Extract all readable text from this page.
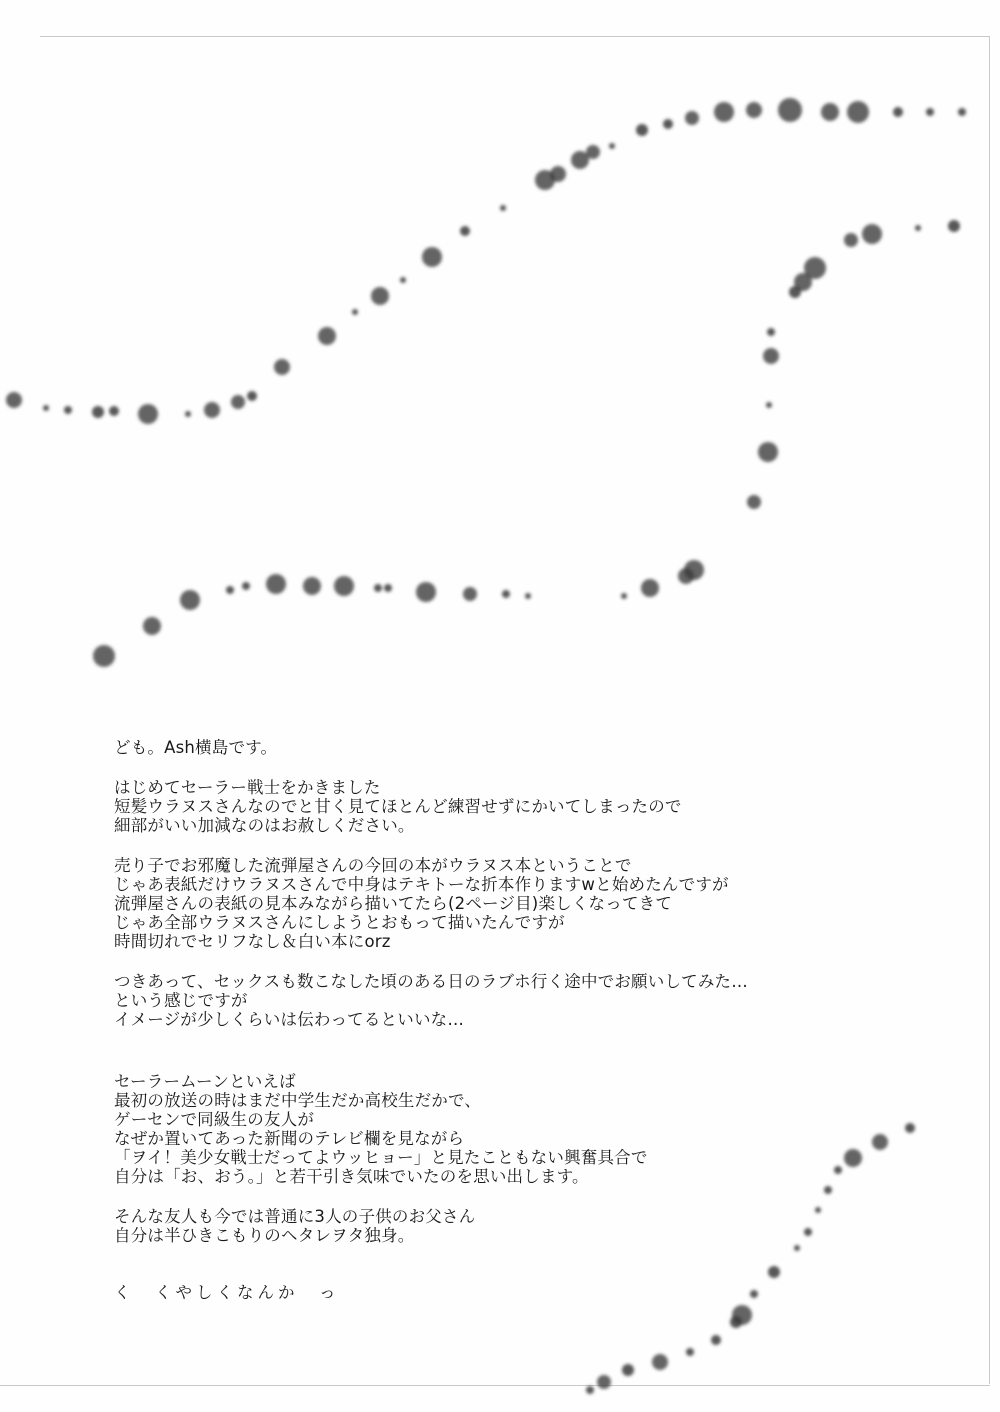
ども。Ash横島です。

はじめてセーラー戦士をかきました
短髪ウラヌスさんなのでと甘く見てほとんど練習せずにかいてしまったので
細部がいい加減なのはお赦しください。

売り子でお邪魔した流弾屋さんの今回の本がウラヌス本ということで
じゃあ表紙だけウラヌスさんで中身はテキトーな折本作りますwと始めたんですが
流弾屋さんの表紙の見本みながら描いてたら(2ページ目)楽しくなってきて
じゃあ全部ウラヌスさんにしようとおもって描いたんですが
時間切れでセリフなし＆白い本にorz

つきあって、セックスも数こなした頃のある日のラブホ行く途中でお願いしてみた…
という感じですが
イメージが少しくらいは伝わってるといいな…

セーラームーンといえば
最初の放送の時はまだ中学生だか高校生だかで、
ゲーセンで同級生の友人が
なぜか置いてあった新聞のテレビ欄を見ながら
「ヲイ！美少女戦士だってよウッヒョー」と見たこともない興奮具合で
自分は「お、おう。」と若干引き気味でいたのを思い出します。

そんな友人も今では普通に3人の子供のお父さん
自分は半ひきこもりのヘタレヲタ独身。

く　くやしくなんか　っ
